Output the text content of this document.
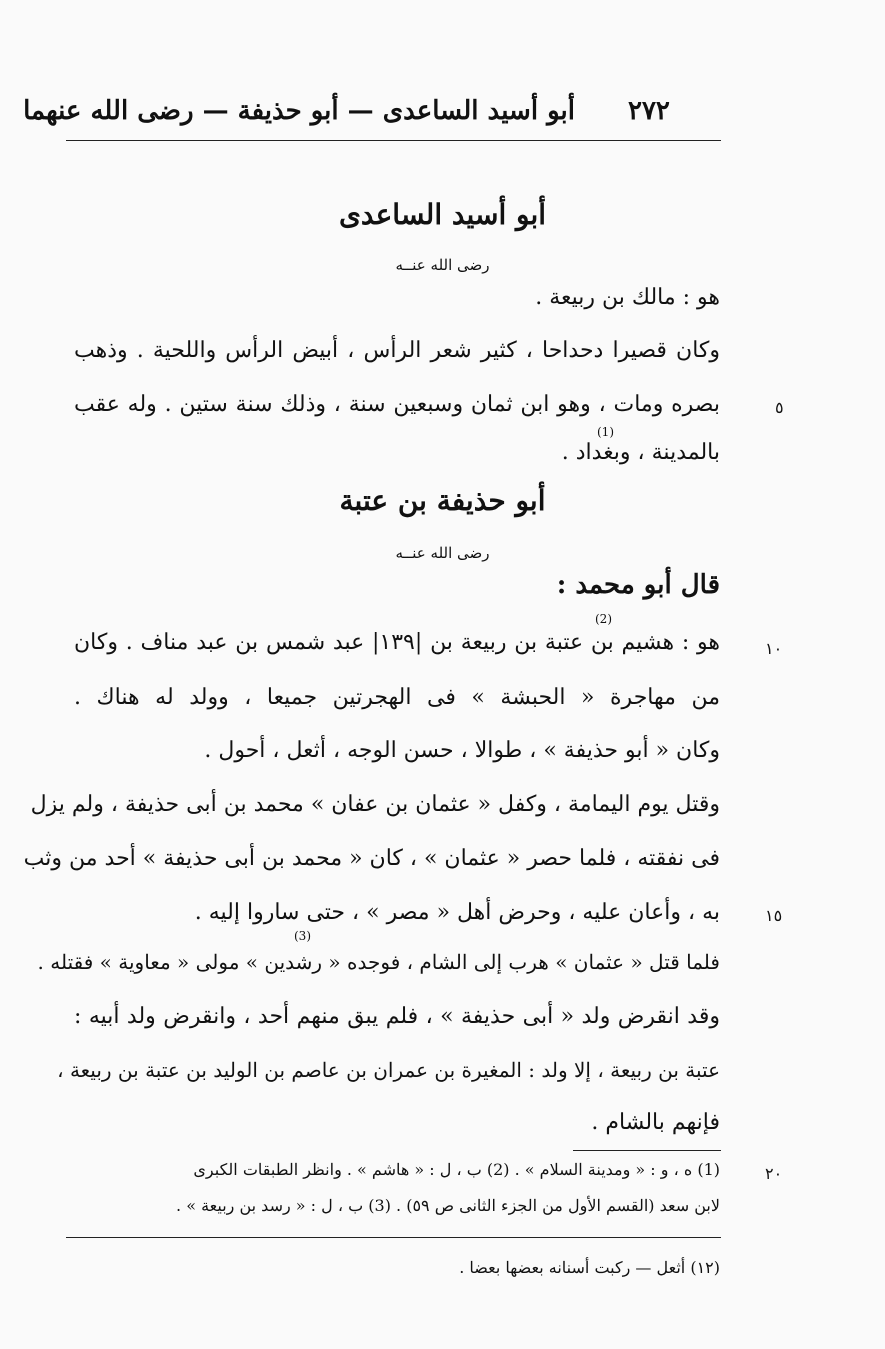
٢٧٢
أبو أسيد الساعدى — أبو حذيفة — رضى الله عنهما
أبو أسيد الساعدى
رضى الله عنــه
هو : مالك بن ربيعة .
وكان قصيرا دحداحا ، كثير شعر الرأس ، أبيض الرأس واللحية . وذهب
بصره ومات ، وهو ابن ثمان وسبعين سنة ، وذلك سنة ستين . وله عقب
(1)
بالمدينة ، وبغداد .
أبو حذيفة بن عتبة
رضى الله عنــه
قال أبو محمد :
(2)
هو : هشيم بن عتبة بن ربيعة بن |١٣٩| عبد شمس بن عبد مناف . وكان
من مهاجرة « الحبشة » فى الهجرتين جميعا ، وولد له هناك .
وكان « أبو حذيفة » ، طوالا ، حسن الوجه ، أثعل ، أحول .
وقتل يوم اليمامة ، وكفل « عثمان بن عفان » محمد بن أبى حذيفة ، ولم يزل
فى نفقته ، فلما حصر « عثمان » ، كان « محمد بن أبى حذيفة » أحد من وثب
به ، وأعان عليه ، وحرض أهل « مصر » ، حتى ساروا إليه .
(3)
فلما قتل « عثمان » هرب إلى الشام ، فوجده « رشدين » مولى « معاوية » فقتله .
وقد انقرض ولد « أبى حذيفة » ، فلم يبق منهم أحد ، وانقرض ولد أبيه :
عتبة بن ربيعة ، إلا ولد : المغيرة بن عمران بن عاصم بن الوليد بن عتبة بن ربيعة ،
فإنهم بالشام .
٥
١٠
١٥
٢٠
(1) ه ، و : « ومدينة السلام » . (2) ب ، ل : « هاشم » . وانظر الطبقات الكبرى
لابن سعد (القسم الأول من الجزء الثانى ص ٥٩) . (3) ب ، ل : « رسد بن ربيعة » .
(١٢) أثعل — ركبت أسنانه بعضها بعضا .
